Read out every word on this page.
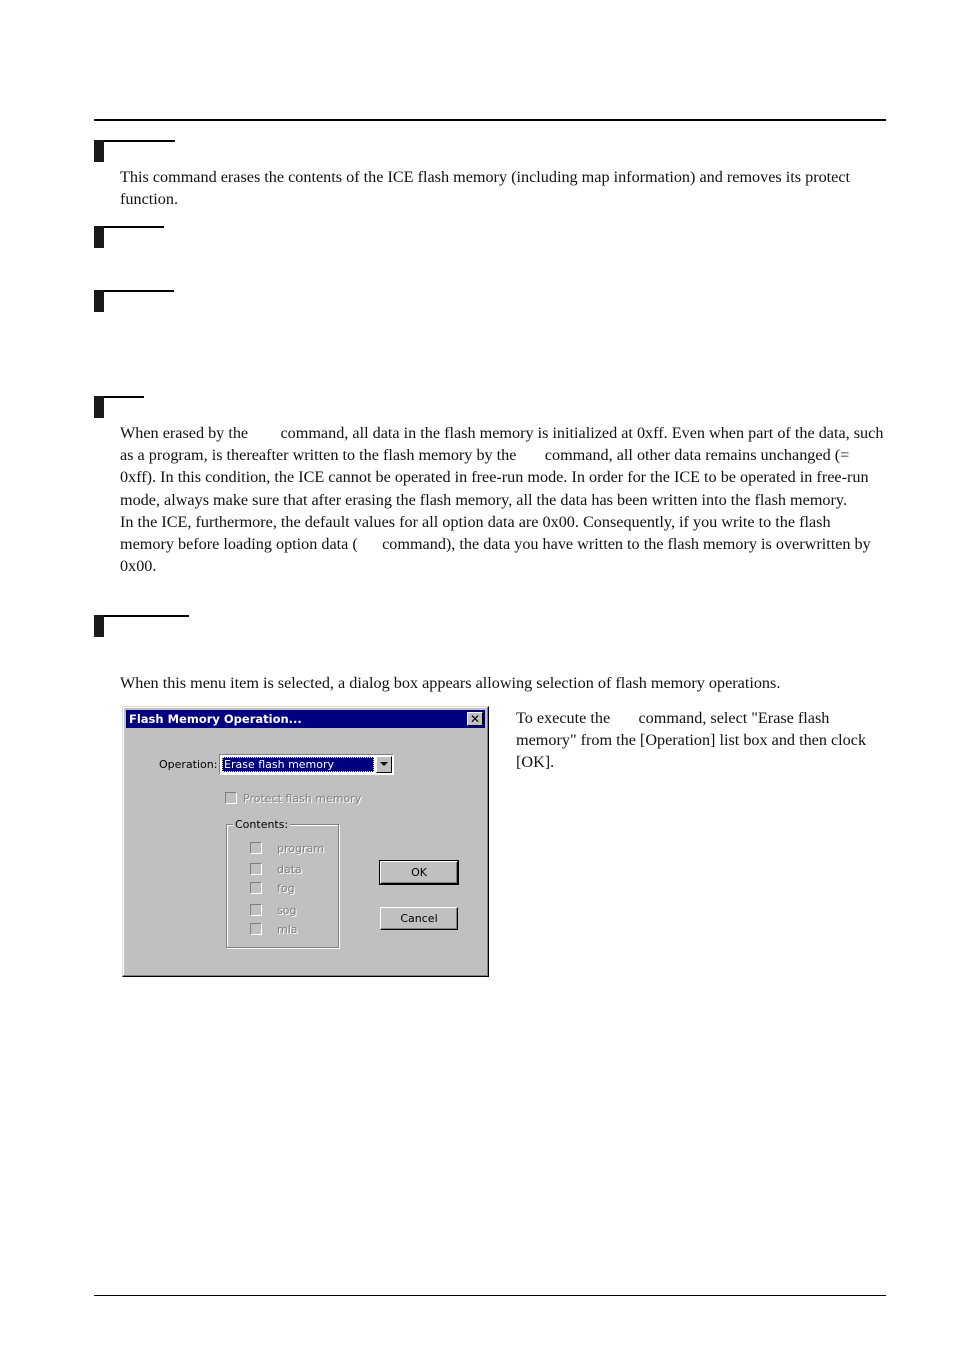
This command erases the contents of the ICE flash memory (including map information) and removes its protect function.

When erased by the command, all data in the flash memory is initialized at 0xff. Even when part of the data, such as a program, is thereafter written to the flash memory by the command, all other data remains unchanged (= 0xff). In this condition, the ICE cannot be operated in free-run mode. In order for the ICE to be operated in free-run mode, always make sure that after erasing the flash memory, all the data has been written into the flash memory.

In the ICE, furthermore, the default values for all option data are 0x00. Consequently, if you write to the flash memory before loading option data ( command), the data you have written to the flash memory is overwritten by 0x00.

When this menu item is selected, a dialog box appears allowing selection of flash memory operations.

Flash Memory Operation...	✕
Operation: Erase flash memory
Protect flash memory
Contents:
program
data
fog
sog
mla
OK
Cancel

To execute the command, select "Erase flash memory" from the [Operation] list box and then clock [OK].
